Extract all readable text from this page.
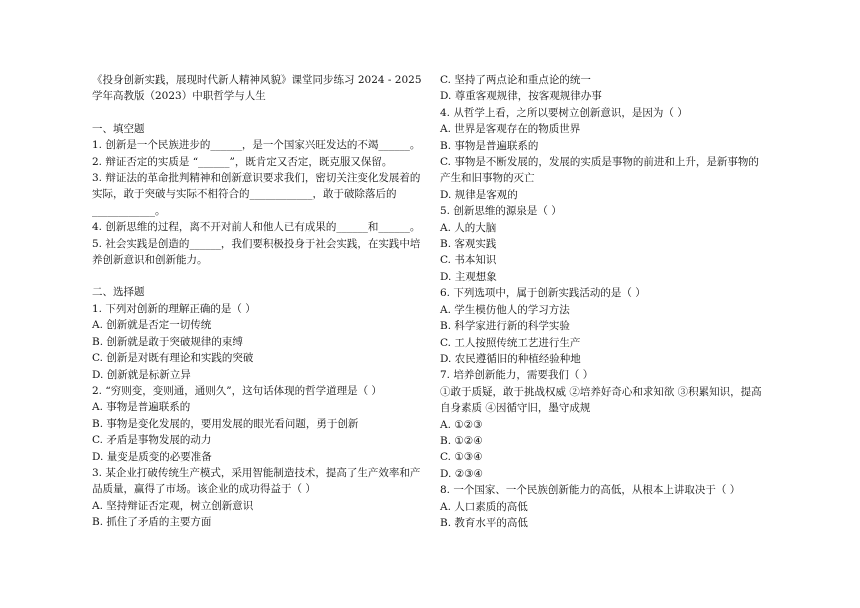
《投身创新实践，展现时代新人精神风貌》课堂同步练习 2024 - 2025
学年高教版（2023）中职哲学与人生
一、填空题
1. 创新是一个民族进步的______，是一个国家兴旺发达的不竭______。
2. 辩证否定的实质是 “______”，既肯定又否定，既克服又保留。
3. 辩证法的革命批判精神和创新意识要求我们，密切关注变化发展着的
实际，敢于突破与实际不相符合的____________，敢于破除落后的
____________。
4. 创新思维的过程，离不开对前人和他人已有成果的______和______。
5. 社会实践是创造的______，我们要积极投身于社会实践，在实践中培
养创新意识和创新能力。
二、选择题
1. 下列对创新的理解正确的是（ ）
A. 创新就是否定一切传统
B. 创新就是敢于突破规律的束缚
C. 创新是对既有理论和实践的突破
D. 创新就是标新立异
2. “穷则变，变则通，通则久”，这句话体现的哲学道理是（ ）
A. 事物是普遍联系的
B. 事物是变化发展的，要用发展的眼光看问题，勇于创新
C. 矛盾是事物发展的动力
D. 量变是质变的必要准备
3. 某企业打破传统生产模式，采用智能制造技术，提高了生产效率和产
品质量，赢得了市场。该企业的成功得益于（ ）
A. 坚持辩证否定观，树立创新意识
B. 抓住了矛盾的主要方面
C. 坚持了两点论和重点论的统一
D. 尊重客观规律，按客观规律办事
4. 从哲学上看，之所以要树立创新意识，是因为（ ）
A. 世界是客观存在的物质世界
B. 事物是普遍联系的
C. 事物是不断发展的，发展的实质是事物的前进和上升，是新事物的
产生和旧事物的灭亡
D. 规律是客观的
5. 创新思维的源泉是（ ）
A. 人的大脑
B. 客观实践
C. 书本知识
D. 主观想象
6. 下列选项中，属于创新实践活动的是（ ）
A. 学生模仿他人的学习方法
B. 科学家进行新的科学实验
C. 工人按照传统工艺进行生产
D. 农民遵循旧的种植经验种地
7. 培养创新能力，需要我们（ ）
①敢于质疑，敢于挑战权威 ②培养好奇心和求知欲 ③积累知识，提高
自身素质 ④因循守旧，墨守成规
A. ①②③
B. ①②④
C. ①③④
D. ②③④
8. 一个国家、一个民族创新能力的高低，从根本上讲取决于（ ）
A. 人口素质的高低
B. 教育水平的高低
